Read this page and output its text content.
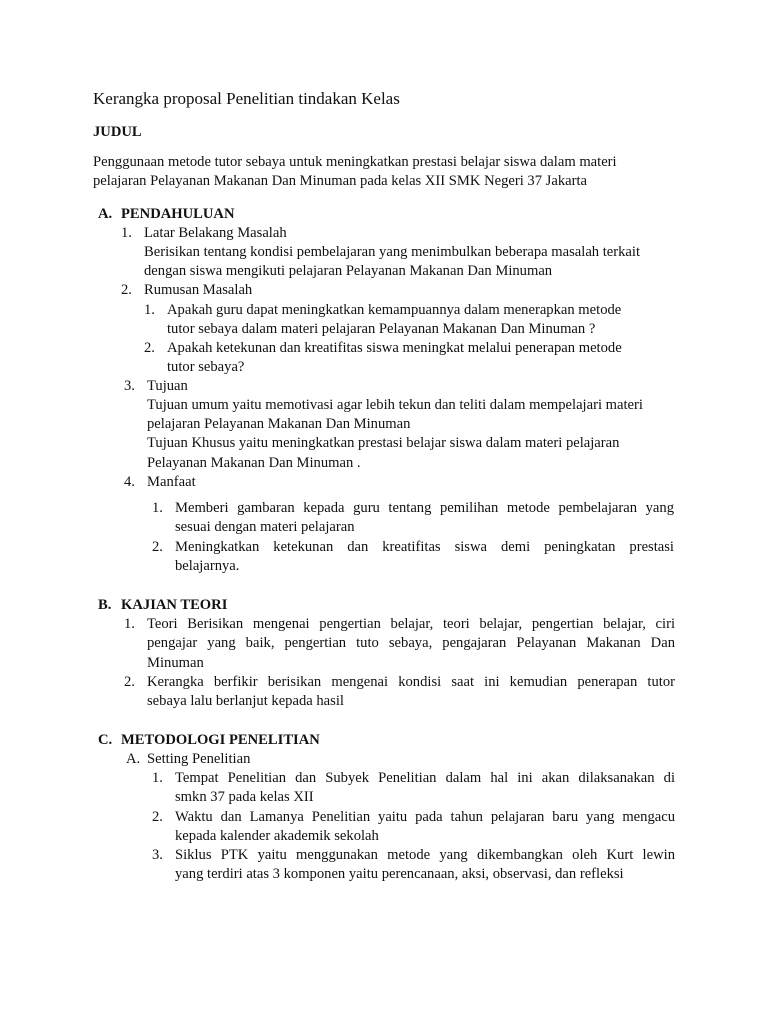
Kerangka proposal Penelitian tindakan Kelas
JUDUL
Penggunaan metode tutor sebaya untuk meningkatkan prestasi belajar siswa dalam materi
pelajaran Pelayanan Makanan Dan Minuman pada kelas XII SMK Negeri 37 Jakarta
A. PENDAHULUAN
1. Latar Belakang Masalah
Berisikan tentang kondisi pembelajaran yang menimbulkan beberapa masalah terkait
dengan siswa mengikuti pelajaran Pelayanan Makanan Dan Minuman
2. Rumusan Masalah
1. Apakah guru dapat meningkatkan kemampuannya dalam menerapkan metode
tutor sebaya dalam materi pelajaran Pelayanan Makanan Dan Minuman ?
2. Apakah ketekunan dan kreatifitas siswa meningkat melalui penerapan metode
tutor sebaya?
3. Tujuan
Tujuan umum yaitu memotivasi agar lebih tekun dan teliti dalam mempelajari materi
pelajaran Pelayanan Makanan Dan Minuman
Tujuan Khusus yaitu meningkatkan prestasi belajar siswa dalam materi pelajaran
Pelayanan Makanan Dan Minuman .
4. Manfaat
1. Memberi gambaran kepada guru tentang pemilihan metode pembelajaran yang
sesuai dengan materi pelajaran
2. Meningkatkan ketekunan dan kreatifitas siswa demi peningkatan prestasi
belajarnya.
B. KAJIAN TEORI
1. Teori Berisikan mengenai pengertian belajar, teori belajar, pengertian belajar, ciri
pengajar yang baik, pengertian tuto sebaya, pengajaran Pelayanan Makanan Dan
Minuman
2. Kerangka berfikir berisikan mengenai kondisi saat ini kemudian penerapan tutor
sebaya lalu berlanjut kepada hasil
C. METODOLOGI PENELITIAN
A. Setting Penelitian
1. Tempat Penelitian dan Subyek Penelitian dalam hal ini akan dilaksanakan di
smkn 37 pada kelas XII
2. Waktu dan Lamanya Penelitian yaitu pada tahun pelajaran baru yang mengacu
kepada kalender akademik sekolah
3. Siklus PTK yaitu menggunakan metode yang dikembangkan oleh Kurt lewin
yang terdiri atas 3 komponen yaitu perencanaan, aksi, observasi, dan refleksi
